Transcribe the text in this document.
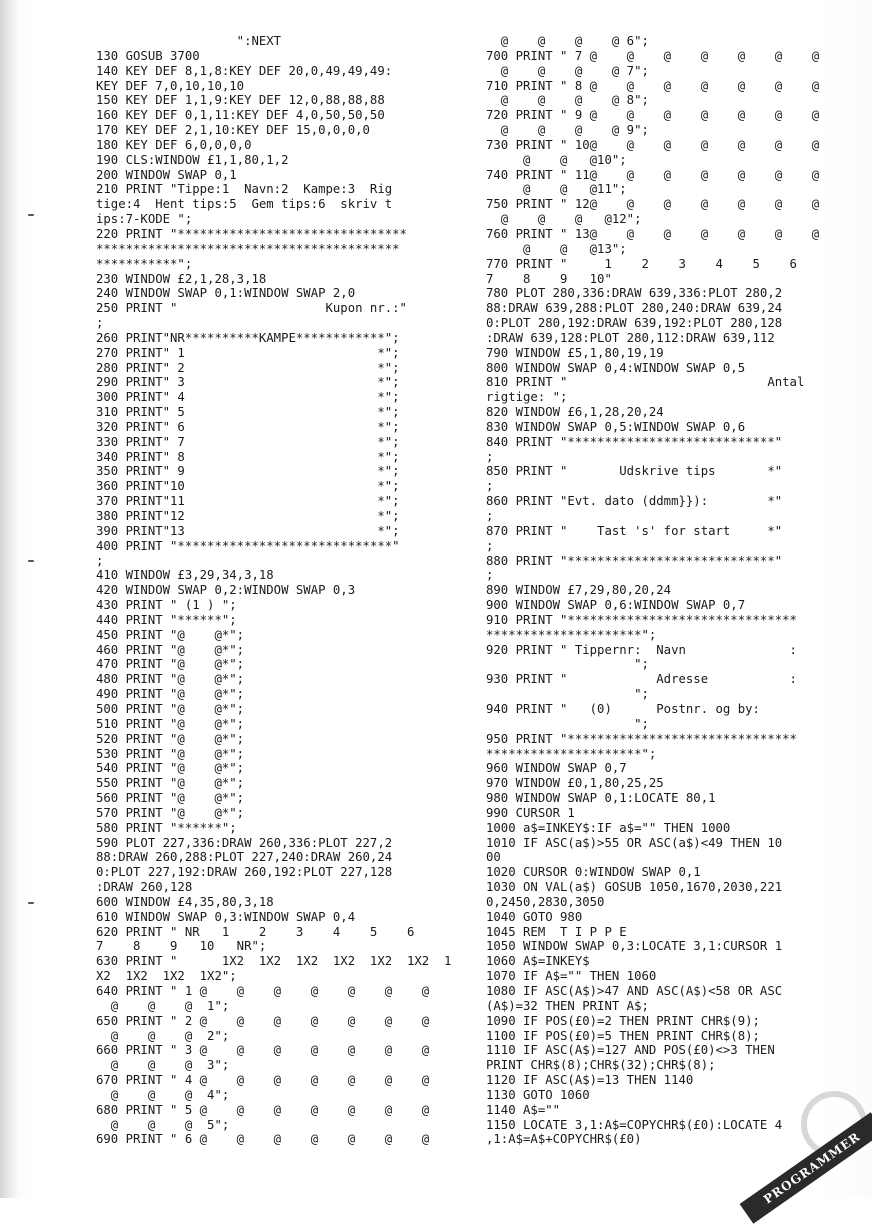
":NEXT
130 GOSUB 3700
140 KEY DEF 8,1,8:KEY DEF 20,0,49,49,49:
KEY DEF 7,0,10,10,10
150 KEY DEF 1,1,9:KEY DEF 12,0,88,88,88
160 KEY DEF 0,1,11:KEY DEF 4,0,50,50,50
170 KEY DEF 2,1,10:KEY DEF 15,0,0,0,0
180 KEY DEF 6,0,0,0,0
190 CLS:WINDOW £1,1,80,1,2
200 WINDOW SWAP 0,1
210 PRINT "Tippe:1  Navn:2  Kampe:3  Rig
tige:4  Hent tips:5  Gem tips:6  skriv t
ips:7-KODE ";
220 PRINT "*******************************
*****************************************
***********";
230 WINDOW £2,1,28,3,18
240 WINDOW SWAP 0,1:WINDOW SWAP 2,0
250 PRINT "                    Kupon nr.:"
;
260 PRINT"NR**********KAMPE************";
270 PRINT" 1                          *";
280 PRINT" 2                          *";
290 PRINT" 3                          *";
300 PRINT" 4                          *";
310 PRINT" 5                          *";
320 PRINT" 6                          *";
330 PRINT" 7                          *";
340 PRINT" 8                          *";
350 PRINT" 9                          *";
360 PRINT"10                          *";
370 PRINT"11                          *";
380 PRINT"12                          *";
390 PRINT"13                          *";
400 PRINT "*****************************"
;
410 WINDOW £3,29,34,3,18
420 WINDOW SWAP 0,2:WINDOW SWAP 0,3
430 PRINT " (1 ) ";
440 PRINT "******";
450 PRINT "@    @*";
460 PRINT "@    @*";
470 PRINT "@    @*";
480 PRINT "@    @*";
490 PRINT "@    @*";
500 PRINT "@    @*";
510 PRINT "@    @*";
520 PRINT "@    @*";
530 PRINT "@    @*";
540 PRINT "@    @*";
550 PRINT "@    @*";
560 PRINT "@    @*";
570 PRINT "@    @*";
580 PRINT "******";
590 PLOT 227,336:DRAW 260,336:PLOT 227,2
88:DRAW 260,288:PLOT 227,240:DRAW 260,24
0:PLOT 227,192:DRAW 260,192:PLOT 227,128
:DRAW 260,128
600 WINDOW £4,35,80,3,18
610 WINDOW SWAP 0,3:WINDOW SWAP 0,4
620 PRINT " NR   1    2    3    4    5    6
7    8    9   10   NR";
630 PRINT "      1X2  1X2  1X2  1X2  1X2  1X2  1
X2  1X2  1X2  1X2";
640 PRINT " 1 @    @    @    @    @    @    @
@    @    @  1";
650 PRINT " 2 @    @    @    @    @    @    @
@    @    @  2";
660 PRINT " 3 @    @    @    @    @    @    @
@    @    @  3";
670 PRINT " 4 @    @    @    @    @    @    @
@    @    @  4";
680 PRINT " 5 @    @    @    @    @    @    @
@    @    @  5";
690 PRINT " 6 @    @    @    @    @    @    @
@    @    @    @ 6";
700 PRINT " 7 @    @    @    @    @    @    @
@    @    @    @ 7";
710 PRINT " 8 @    @    @    @    @    @    @
@    @    @    @ 8";
720 PRINT " 9 @    @    @    @    @    @    @
@    @    @    @ 9";
730 PRINT " 10@    @    @    @    @    @    @
@    @   @10";
740 PRINT " 11@    @    @    @    @    @    @
@    @   @11";
750 PRINT " 12@    @    @    @    @    @    @
@    @    @   @12";
760 PRINT " 13@    @    @    @    @    @    @
@    @   @13";
770 PRINT "     1    2    3    4    5    6
7    8    9   10"
780 PLOT 280,336:DRAW 639,336:PLOT 280,2
88:DRAW 639,288:PLOT 280,240:DRAW 639,24
0:PLOT 280,192:DRAW 639,192:PLOT 280,128
:DRAW 639,128:PLOT 280,112:DRAW 639,112
790 WINDOW £5,1,80,19,19
800 WINDOW SWAP 0,4:WINDOW SWAP 0,5
810 PRINT "                           Antal
rigtige: ";
820 WINDOW £6,1,28,20,24
830 WINDOW SWAP 0,5:WINDOW SWAP 0,6
840 PRINT "****************************"
;
850 PRINT "       Udskrive tips       *"
;
860 PRINT "Evt. dato (ddmm}}):        *"
;
870 PRINT "    Tast 's' for start     *"
;
880 PRINT "****************************"
;
890 WINDOW £7,29,80,20,24
900 WINDOW SWAP 0,6:WINDOW SWAP 0,7
910 PRINT "*******************************
*********************";
920 PRINT " Tippernr:  Navn              :
";
930 PRINT "            Adresse           :
";
940 PRINT "   (0)      Postnr. og by:
";
950 PRINT "*******************************
*********************";
960 WINDOW SWAP 0,7
970 WINDOW £0,1,80,25,25
980 WINDOW SWAP 0,1:LOCATE 80,1
990 CURSOR 1
1000 a$=INKEY$:IF a$="" THEN 1000
1010 IF ASC(a$)>55 OR ASC(a$)<49 THEN 10
00
1020 CURSOR 0:WINDOW SWAP 0,1
1030 ON VAL(a$) GOSUB 1050,1670,2030,221
0,2450,2830,3050
1040 GOTO 980
1045 REM  T I P P E
1050 WINDOW SWAP 0,3:LOCATE 3,1:CURSOR 1
1060 A$=INKEY$
1070 IF A$="" THEN 1060
1080 IF ASC(A$)>47 AND ASC(A$)<58 OR ASC
(A$)=32 THEN PRINT A$;
1090 IF POS(£0)=2 THEN PRINT CHR$(9);
1100 IF POS(£0)=5 THEN PRINT CHR$(8);
1110 IF ASC(A$)=127 AND POS(£0)<>3 THEN
PRINT CHR$(8);CHR$(32);CHR$(8);
1120 IF ASC(A$)=13 THEN 1140
1130 GOTO 1060
1140 A$=""
1150 LOCATE 3,1:A$=COPYCHR$(£0):LOCATE 4
,1:A$=A$+COPYCHR$(£0)	PROGRAMMER
